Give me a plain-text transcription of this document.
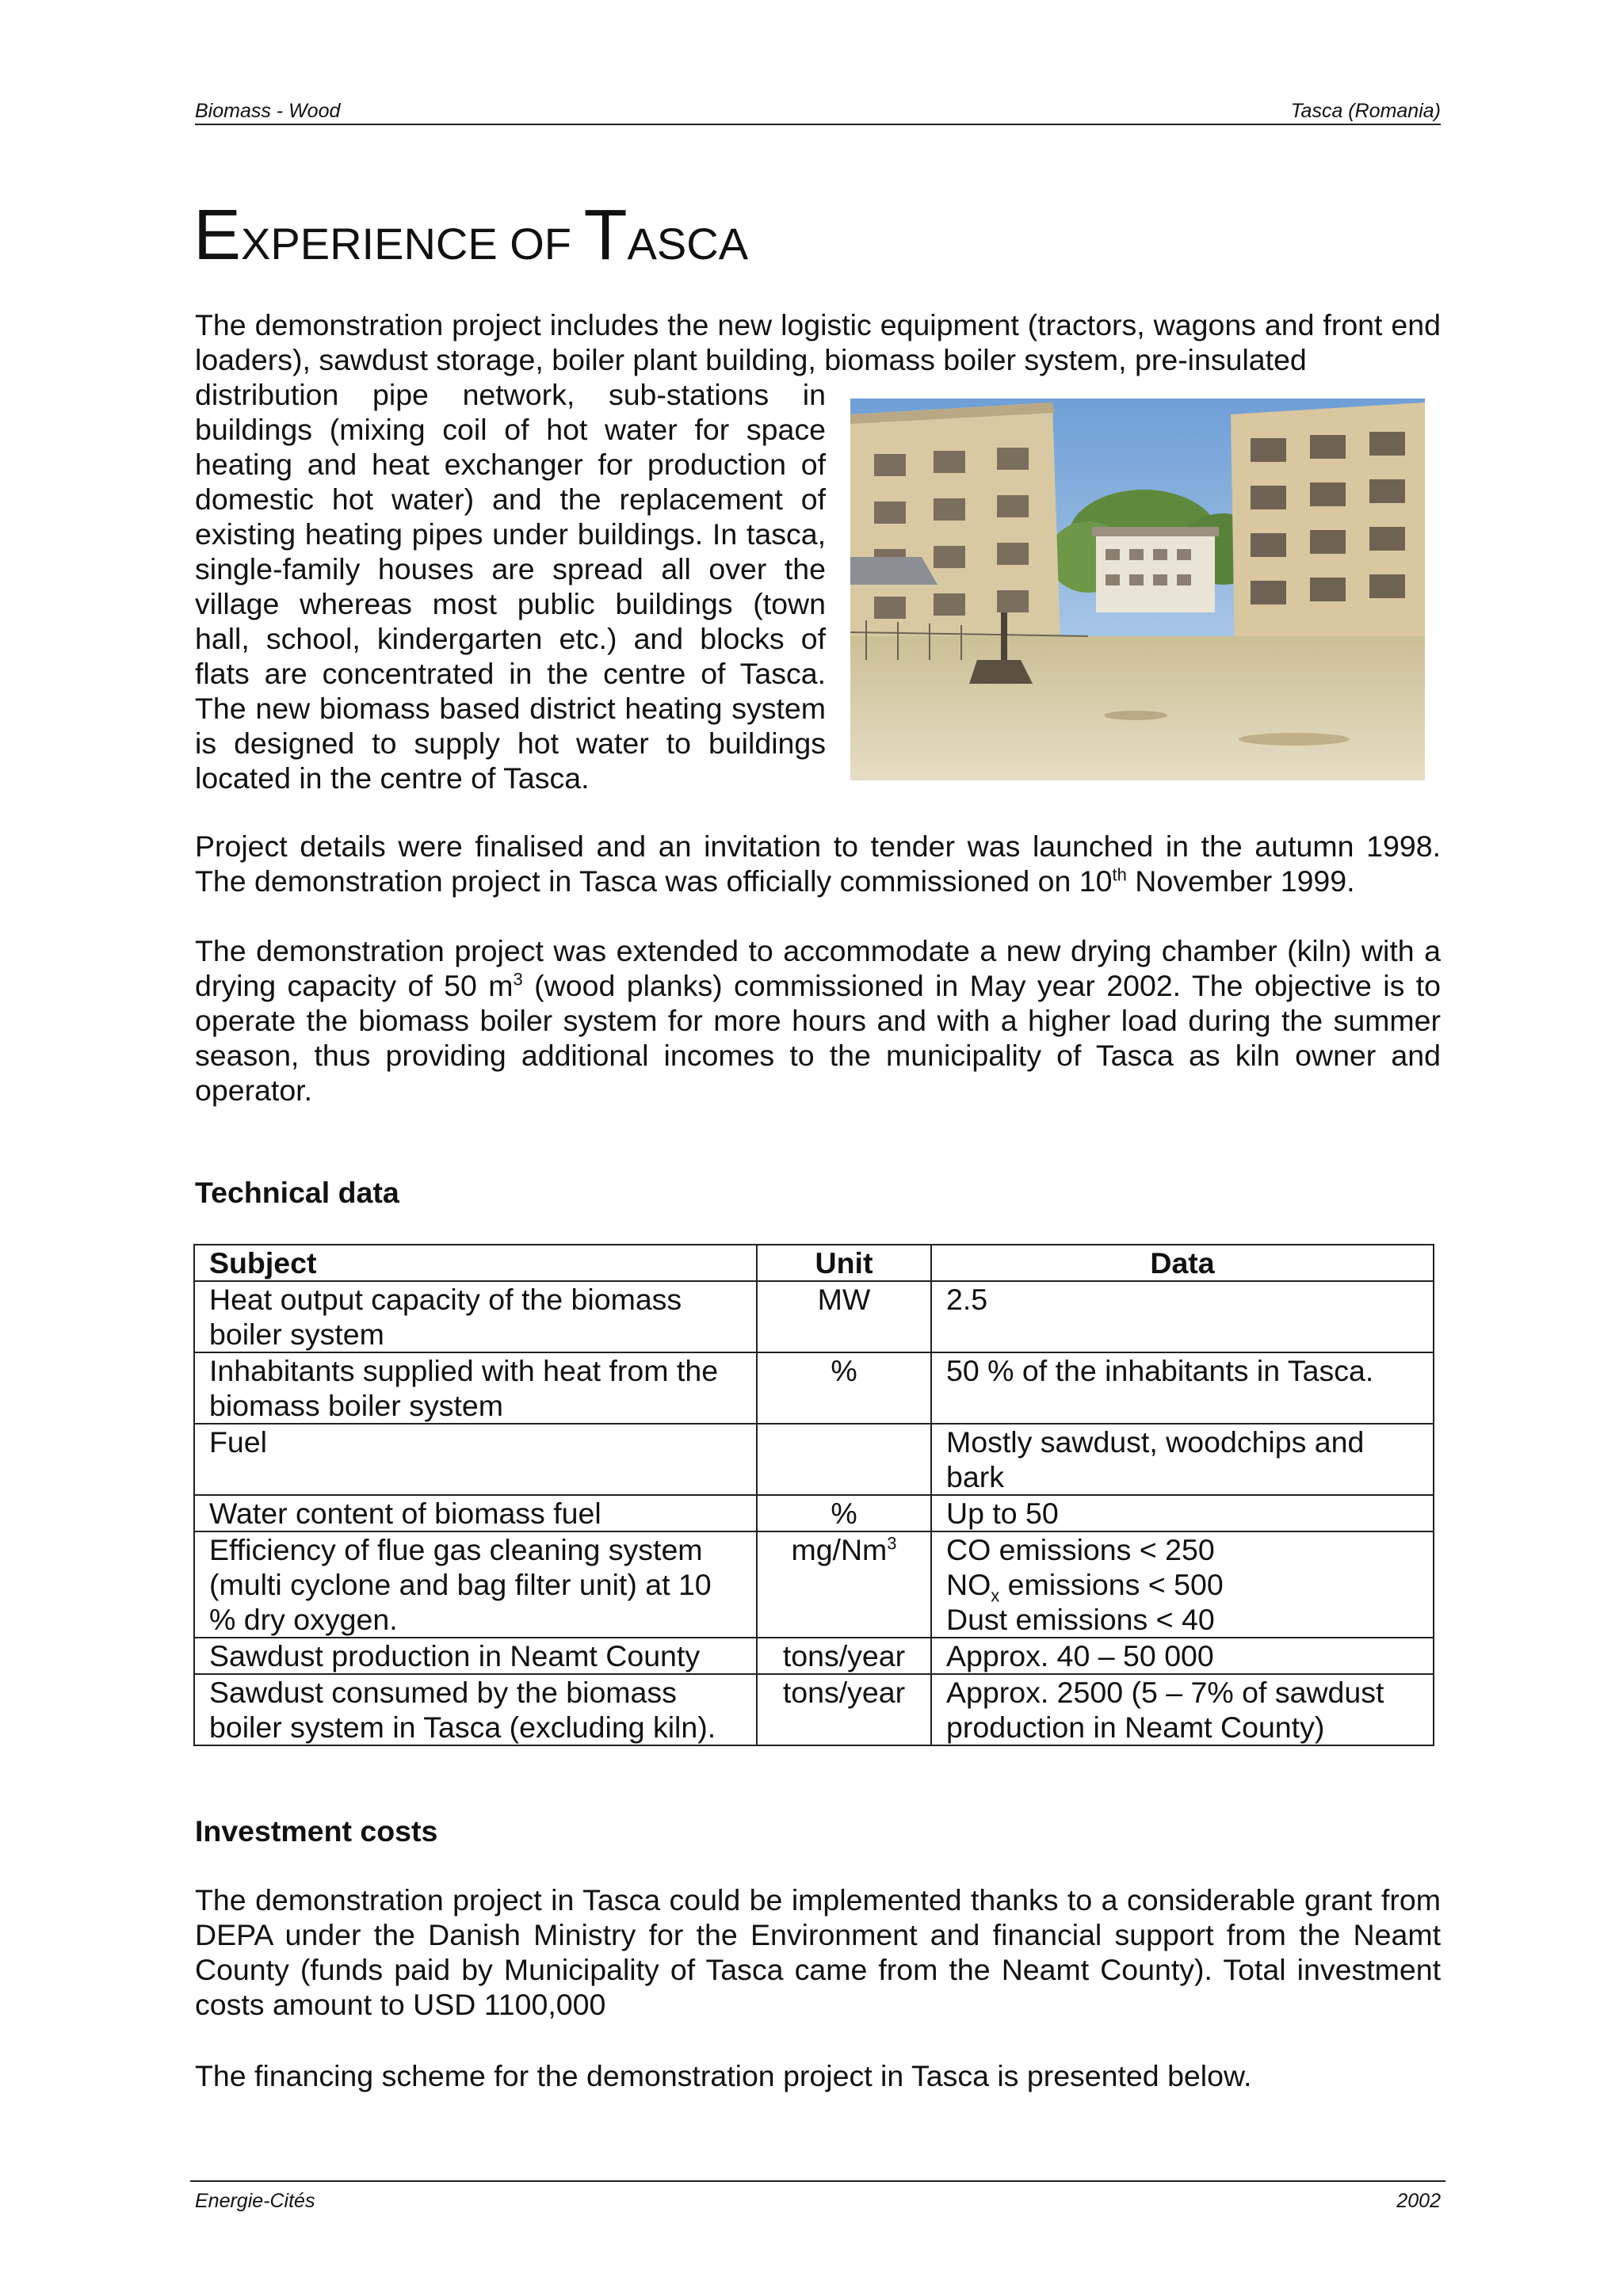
Biomass - Wood	Tasca (Romania)
EXPERIENCE OF TASCA
The demonstration project includes the new logistic equipment (tractors, wagons and front end loaders), sawdust storage, boiler plant building, biomass boiler system, pre-insulated
distribution pipe network, sub-stations in buildings (mixing coil of hot water for space heating and heat exchanger for production of domestic hot water) and the replacement of existing heating pipes under buildings. In tasca, single-family houses are spread all over the village whereas most public buildings (town hall, school, kindergarten etc.) and blocks of flats are concentrated in the centre of Tasca. The new biomass based district heating system is designed to supply hot water to buildings located in the centre of Tasca.
Project details were finalised and an invitation to tender was launched in the autumn 1998. The demonstration project in Tasca was officially commissioned on 10th November 1999.
The demonstration project was extended to accommodate a new drying chamber (kiln) with a drying capacity of 50 $m^3$ (wood planks) commissioned in May year 2002. The objective is to operate the biomass boiler system for more hours and with a higher load during the summer season, thus providing additional incomes to the municipality of Tasca as kiln owner and operator.
Technical data
Subject	Unit	Data
Heat output capacity of the biomass boiler system	MW	2.5
Inhabitants supplied with heat from the biomass boiler system	%	50 % of the inhabitants in Tasca.
Fuel		Mostly sawdust, woodchips and bark
Water content of biomass fuel	%	Up to 50
Efficiency of flue gas cleaning system (multi cyclone and bag filter unit) at 10 % dry oxygen.	mg/Nm$^3$	CO emissions < 250
$NO_x$ emissions < 500
Dust emissions < 40

Sawdust production in Neamt County	tons/year	Approx. 40 – 50 000
Sawdust consumed by the biomass boiler system in Tasca (excluding kiln).	tons/year	Approx. 2500 (5 – 7% of sawdust production in Neamt County)
Investment costs
The demonstration project in Tasca could be implemented thanks to a considerable grant from DEPA under the Danish Ministry for the Environment and financial support from the Neamt County (funds paid by Municipality of Tasca came from the Neamt County). Total investment costs amount to USD 1100,000
The financing scheme for the demonstration project in Tasca is presented below.
Energie-Cités	2002
